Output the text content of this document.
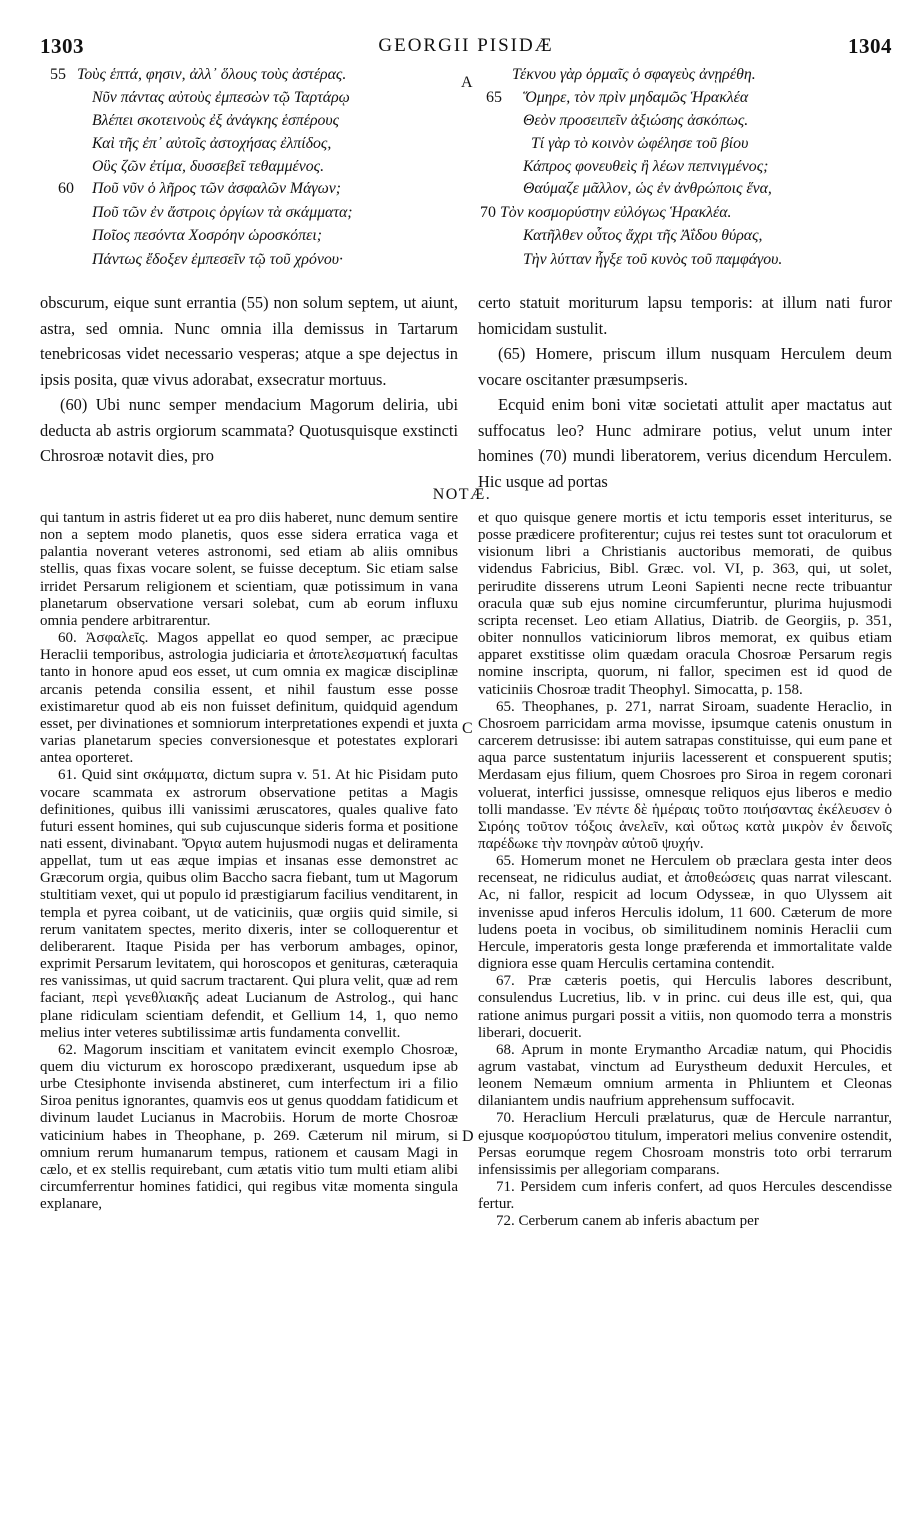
1303	GEORGII PISIDÆ	1304
55
60
Τοὺς ἑπτά, φησιν, ἀλλ᾽ ὅλους τοὺς ἀστέρας.
Νῦν πάντας αὐτοὺς ἐμπεσὼν τῷ Ταρτάρῳ
Βλέπει σκοτεινοὺς ἐξ ἀνάγκης ἑσπέρους
Καὶ τῆς ἐπ᾽ αὐτοῖς ἀστοχήσας ἐλπίδος,
Οὓς ζῶν ἐτίμα, δυσσεβεῖ τεθαμμένος.
Ποῦ νῦν ὁ λῆρος τῶν ἀσφαλῶν Μάγων;
Ποῦ τῶν ἐν ἄστροις ὀργίων τὰ σκάμματα;
Ποῖος πεσόντα Χοσρόην ὡροσκόπει;
Πάντως ἔδοξεν ἐμπεσεῖν τῷ τοῦ χρόνου·
A
65
70
Τέκνου γὰρ ὁρμαῖς ὁ σφαγεὺς ἀνῃρέθη.
Ὅμηρε, τὸν πρὶν μηδαμῶς Ἡρακλέα
Θεὸν προσειπεῖν ἀξιώσης ἀσκόπως.
Τί γὰρ τὸ κοινὸν ὠφέλησε τοῦ βίου
Κάπρος φονευθεὶς ἢ λέων πεπνιγμένος;
Θαύμαζε μᾶλλον, ὡς ἐν ἀνθρώποις ἕνα,
Τὸν κοσμορύστην εὐλόγως Ἡρακλέα.
Κατῆλθεν οὗτος ἄχρι τῆς Ἀΐδου θύρας,
Τὴν λύτταν ἦγξε τοῦ κυνὸς τοῦ παμφάγου.

obscurum, eique sunt errantia (55) non solum septem, ut aiunt, astra, sed omnia. Nunc omnia illa demissus in Tartarum tenebricosas videt necessario vesperas; atque a spe dejectus in ipsis posita, quæ vivus adorabat, exsecratur mortuus.

(60) Ubi nunc semper mendacium Magorum deliria, ubi deducta ab astris orgiorum scammata? Quotusquisque exstincti Chrosroæ notavit dies, pro

certo statuit moriturum lapsu temporis: at illum nati furor homicidam sustulit.

(65) Homere, priscum illum nusquam Herculem deum vocare oscitanter præsumpseris.

Ecquid enim boni vitæ societati attulit aper mactatus aut suffocatus leo? Hunc admirare potius, velut unum inter homines (70) mundi liberatorem, verius dicendum Herculem. Hic usque ad portas

NOTÆ.

qui tantum in astris fideret ut ea pro diis haberet, nunc demum sentire non a septem modo planetis, quos esse sidera erratica vaga et palantia noverant veteres astronomi, sed etiam ab aliis omnibus stellis, quas fixas vocare solent, se fuisse deceptum. Sic etiam salse irridet Persarum religionem et scientiam, quæ potissimum in vana planetarum observatione versari solebat, cum ab eorum influxu omnia pendere arbitrarentur.

60. Ἀσφαλεῖς. Magos appellat eo quod semper, ac præcipue Heraclii temporibus, astrologia judiciaria et ἀποτελεσματική facultas tanto in honore apud eos esset, ut cum omnia ex magicæ disciplinæ arcanis petenda consilia essent, et nihil faustum esse posse existimaretur quod ab eis non fuisset definitum, quidquid agendum esset, per divinationes et somniorum interpretationes expendi et juxta varias planetarum species conversionesque et potestates explorari antea oporteret.

61. Quid sint σκάμματα, dictum supra v. 51. At hic Pisidam puto vocare scammata ex astrorum observatione petitas a Magis definitiones, quibus illi vanissimi æruscatores, quales qualive fato futuri essent homines, qui sub cujuscunque sideris forma et positione nati essent, divinabant. Ὄργια autem hujusmodi nugas et deliramenta appellat, tum ut eas æque impias et insanas esse demonstret ac Græcorum orgia, quibus olim Baccho sacra fiebant, tum ut Magorum stultitiam vexet, qui ut populo id præstigiarum facilius venditarent, in templa et pyrea coibant, ut de vaticiniis, quæ orgiis quid simile, si rerum vanitatem spectes, merito dixeris, inter se colloquerentur et deliberarent. Itaque Pisida per has verborum ambages, opinor, exprimit Persarum levitatem, qui horoscopos et genituras, cæteraquia res vanissimas, ut quid sacrum tractarent. Qui plura velit, quæ ad rem faciant, περὶ γενεθλιακῆς adeat Lucianum de Astrolog., qui hanc plane ridiculam scientiam defendit, et Gellium 14, 1, quo nemo melius inter veteres subtilissimæ artis fundamenta convellit.

62. Magorum inscitiam et vanitatem evincit exemplo Chosroæ, quem diu victurum ex horoscopo prædixerant, usquedum ipse ab urbe Ctesiphonte invisenda abstineret, cum interfectum iri a filio Siroa penitus ignorantes, quamvis eos ut genus quoddam fatidicum et divinum laudet Lucianus in Macrobiis. Horum de morte Chosroæ vaticinium habes in Theophane, p. 269. Cæterum nil mirum, si omnium rerum humanarum tempus, rationem et causam Magi in cælo, et ex stellis requirebant, cum ætatis vitio tum multi etiam alibi circumferrentur homines fatidici, qui regibus vitæ momenta singula explanare,

C
D

et quo quisque genere mortis et ictu temporis esset interiturus, se posse prædicere profiterentur; cujus rei testes sunt tot oraculorum et visionum libri a Christianis auctoribus memorati, de quibus videndus Fabricius, Bibl. Græc. vol. VI, p. 363, qui, ut solet, perirudite disserens utrum Leoni Sapienti necne recte tribuantur oracula quæ sub ejus nomine circumferuntur, plurima hujusmodi scripta recenset. Leo etiam Allatius, Diatrib. de Georgiis, p. 351, obiter nonnullos vaticiniorum libros memorat, ex quibus etiam apparet exstitisse olim quædam oracula Chosroæ Persarum regis nomine inscripta, quorum, ni fallor, specimen est id quod de vaticiniis Chosroæ tradit Theophyl. Simocatta, p. 158.

65. Theophanes, p. 271, narrat Siroam, suadente Heraclio, in Chosroem parricidam arma movisse, ipsumque catenis onustum in carcerem detrusisse: ibi autem satrapas constituisse, qui eum pane et aqua parce sustentatum injuriis lacesserent et conspuerent sputis; Merdasam ejus filium, quem Chosroes pro Siroa in regem coronari voluerat, interfici jussisse, omnesque reliquos ejus liberos e medio tolli mandasse. Ἐν πέντε δὲ ἡμέραις τοῦτο ποιήσαντας ἐκέλευσεν ὁ Σιρόης τοῦτον τόξοις ἀνελεῖν, καὶ οὕτως κατὰ μικρὸν ἐν δεινοῖς παρέδωκε τὴν πονηρὰν αὐτοῦ ψυχήν.

65. Homerum monet ne Herculem ob præclara gesta inter deos recenseat, ne ridiculus audiat, et ἀποθεώσεις quas narrat vilescant. Ac, ni fallor, respicit ad locum Odysseæ, in quo Ulyssem ait invenisse apud inferos Herculis idolum, 11 600. Cæterum de more ludens poeta in vocibus, ob similitudinem nominis Heraclii cum Hercule, imperatoris gesta longe præferenda et immortalitate valde digniora esse quam Herculis certamina contendit.

67. Præ cæteris poetis, qui Herculis labores describunt, consulendus Lucretius, lib. v in princ. cui deus ille est, qui, qua ratione animus purgari possit a vitiis, non quomodo terra a monstris liberari, docuerit.

68. Aprum in monte Erymantho Arcadiæ natum, qui Phocidis agrum vastabat, vinctum ad Eurystheum deduxit Hercules, et leonem Nemæum omnium armenta in Phliuntem et Cleonas dilaniantem undis naufrium apprehensum suffocavit.

70. Heraclium Herculi prælaturus, quæ de Hercule narrantur, ejusque κοσμορύστου titulum, imperatori melius convenire ostendit, Persas eorumque regem Chosroam monstris toto orbi terrarum infensissimis per allegoriam comparans.

71. Persidem cum inferis confert, ad quos Hercules descendisse fertur.

72. Cerberum canem ab inferis abactum per
